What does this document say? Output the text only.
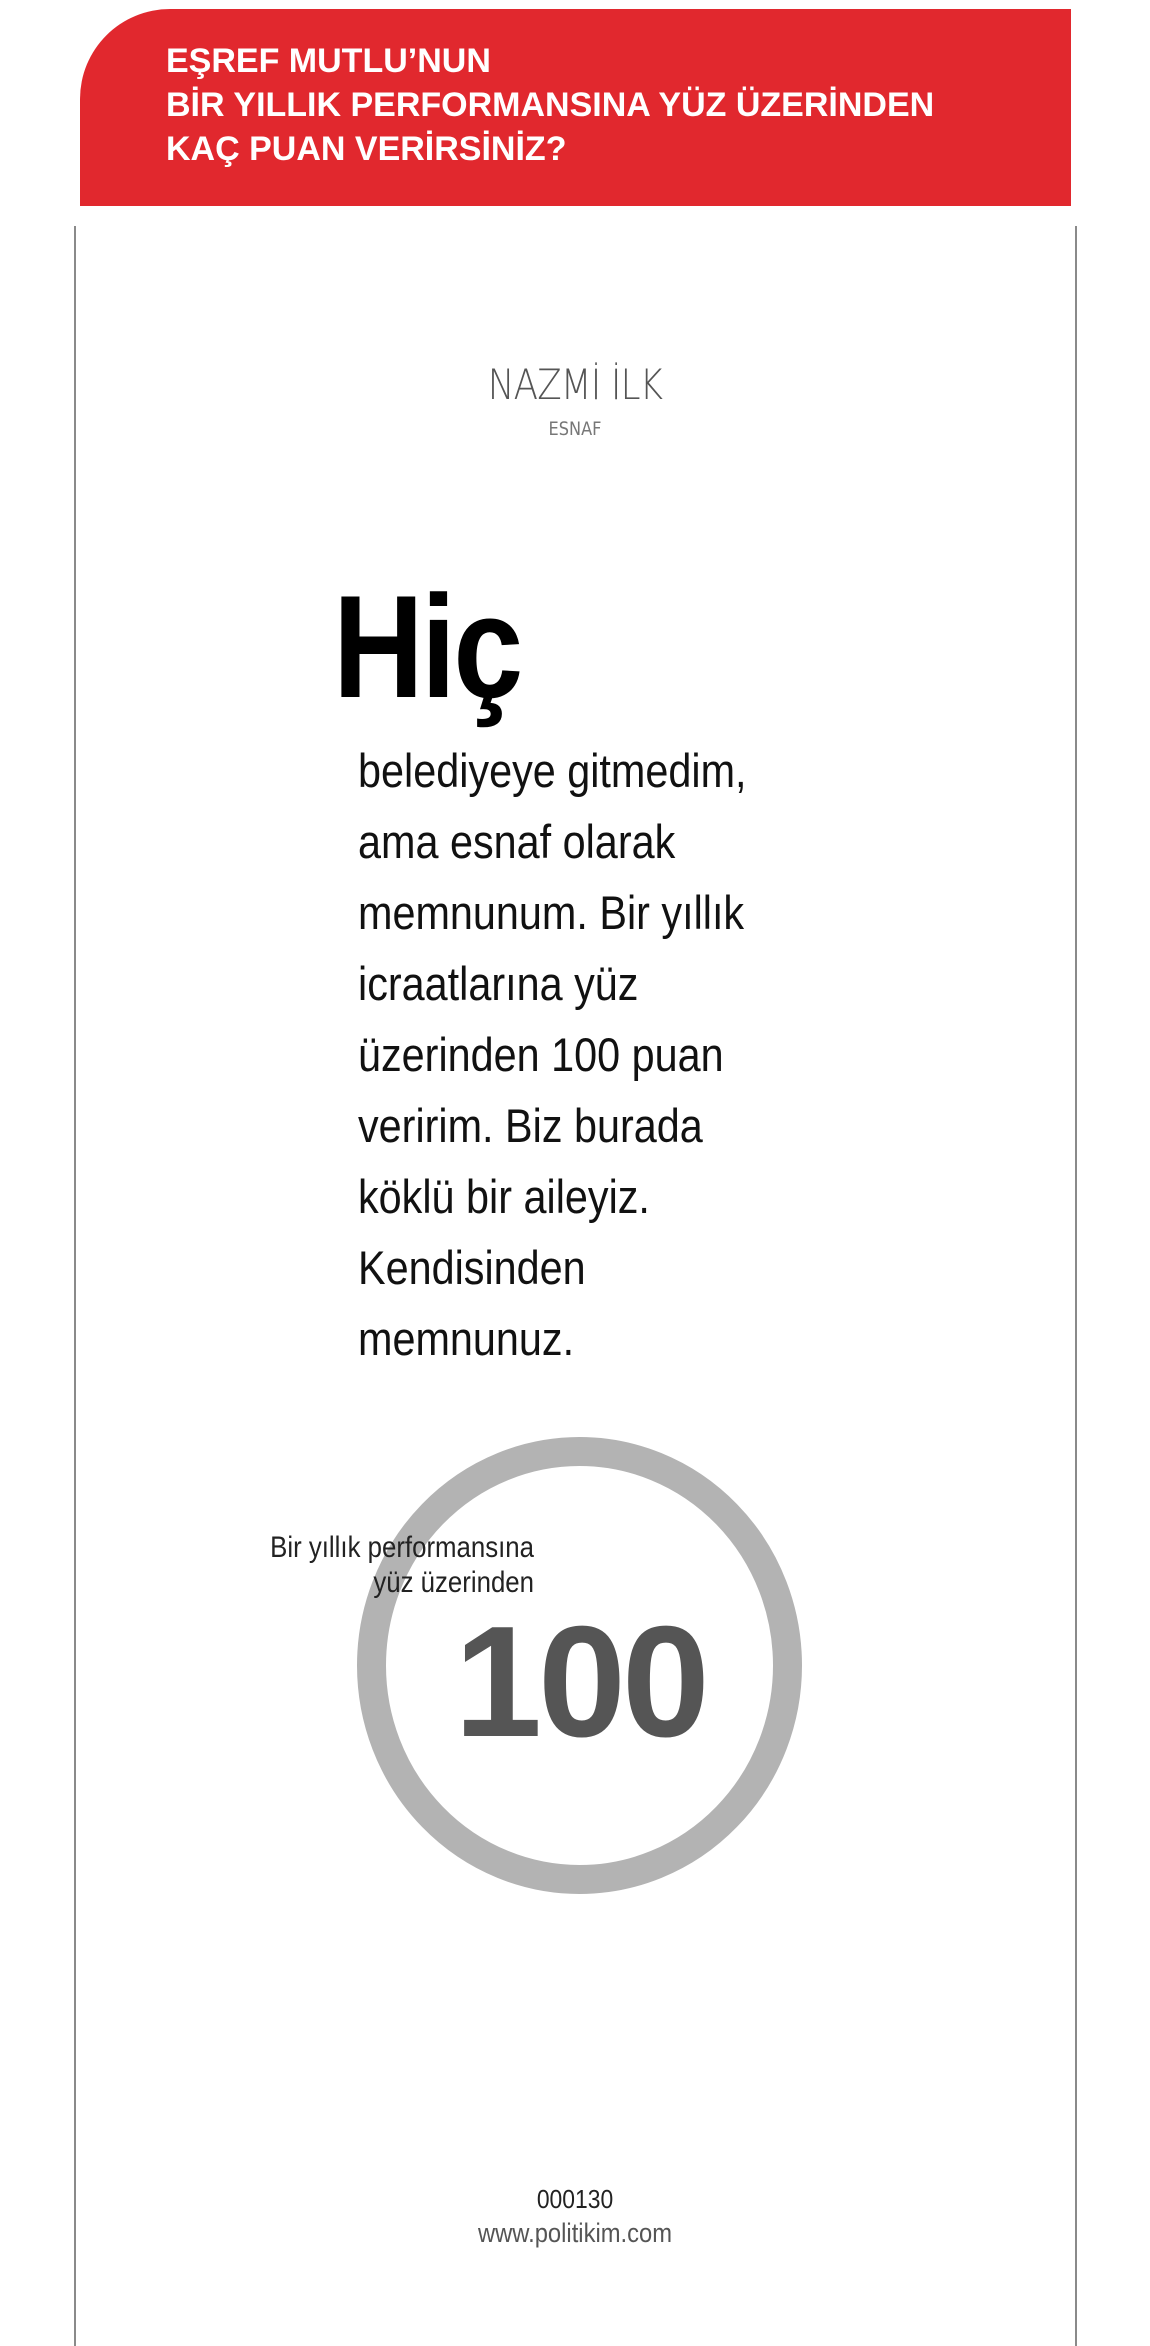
EŞREF MUTLU’NUN
BİR YILLIK PERFORMANSINA YÜZ ÜZERİNDEN
KAÇ PUAN VERİRSİNİZ?
NAZMİ İLK
ESNAF
Hiç
belediyeye gitmedim,
ama esnaf olarak
memnunum. Bir yıllık
icraatlarına yüz
üzerinden 100 puan
veririm. Biz burada
köklü bir aileyiz.
Kendisinden
memnunuz.
Bir yıllık performansına
yüz üzerinden
100
000130
www.politikim.com
